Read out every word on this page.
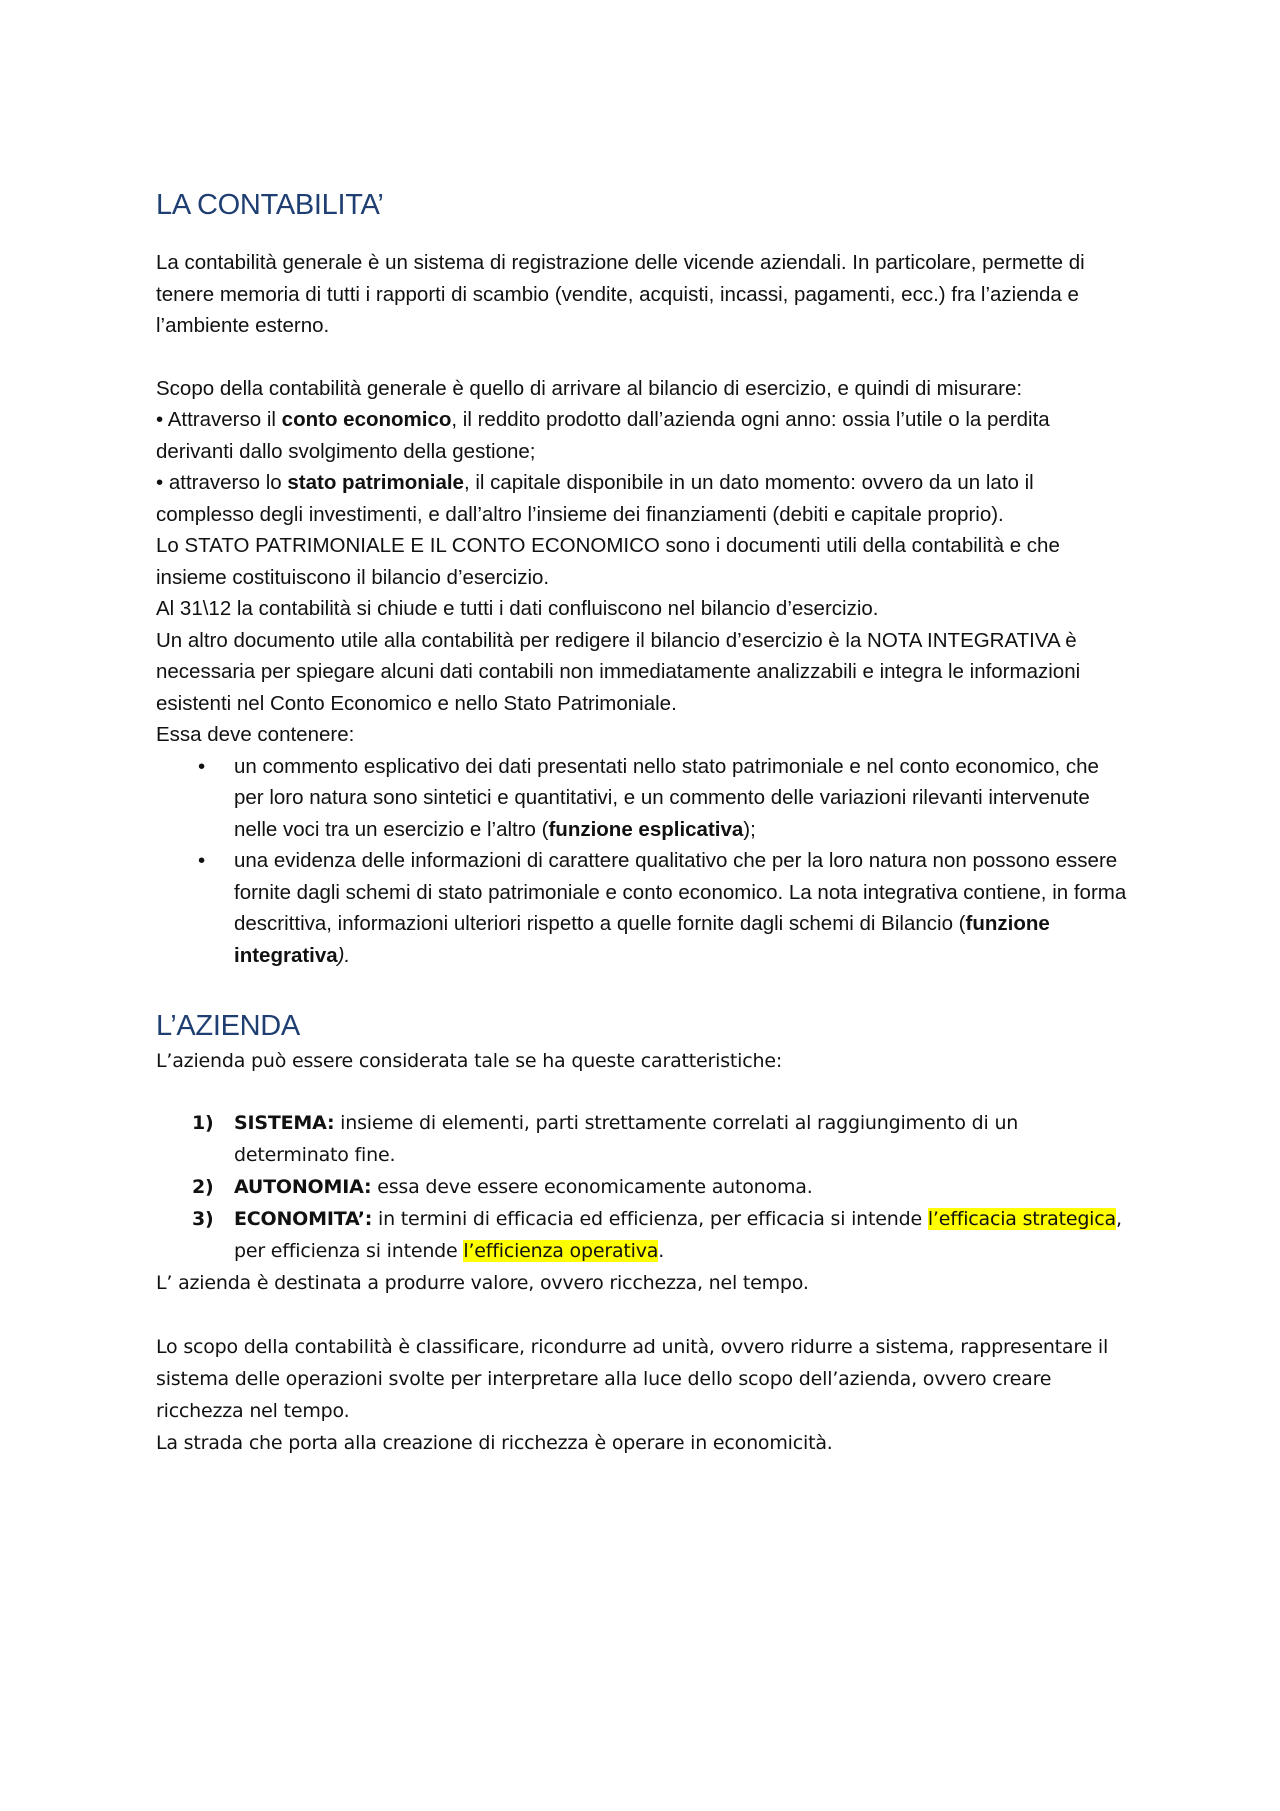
LA CONTABILITA’

La contabilità generale è un sistema di registrazione delle vicende aziendali. In particolare, permette di tenere memoria di tutti i rapporti di scambio (vendite, acquisti, incassi, pagamenti, ecc.) fra l’azienda e l’ambiente esterno.

Scopo della contabilità generale è quello di arrivare al bilancio di esercizio, e quindi di misurare:

• Attraverso il conto economico, il reddito prodotto dall’azienda ogni anno: ossia l’utile o la perdita derivanti dallo svolgimento della gestione;

• attraverso lo stato patrimoniale, il capitale disponibile in un dato momento: ovvero da un lato il complesso degli investimenti, e dall’altro l’insieme dei finanziamenti (debiti e capitale proprio).

Lo STATO PATRIMONIALE E IL CONTO ECONOMICO sono i documenti utili della contabilità e che insieme costituiscono il bilancio d’esercizio.

Al 31\12 la contabilità si chiude e tutti i dati confluiscono nel bilancio d’esercizio.

Un altro documento utile alla contabilità per redigere il bilancio d’esercizio è la NOTA INTEGRATIVA è necessaria per spiegare alcuni dati contabili non immediatamente analizzabili e integra le informazioni esistenti nel Conto Economico e nello Stato Patrimoniale.

Essa deve contenere:

• un commento esplicativo dei dati presentati nello stato patrimoniale e nel conto economico, che per loro natura sono sintetici e quantitativi, e un commento delle variazioni rilevanti intervenute nelle voci tra un esercizio e l’altro (funzione esplicativa);
• una evidenza delle informazioni di carattere qualitativo che per la loro natura non possono essere fornite dagli schemi di stato patrimoniale e conto economico. La nota integrativa contiene, in forma descrittiva, informazioni ulteriori rispetto a quelle fornite dagli schemi di Bilancio (funzione integrativa).
L’AZIENDA

L’azienda può essere considerata tale se ha queste caratteristiche:

1) SISTEMA: insieme di elementi, parti strettamente correlati al raggiungimento di un determinato fine.
2) AUTONOMIA: essa deve essere economicamente autonoma.
3) ECONOMITA’: in termini di efficacia ed efficienza, per efficacia si intende l’efficacia strategica, per efficienza si intende l’efficienza operativa.

L’ azienda è destinata a produrre valore, ovvero ricchezza, nel tempo.

Lo scopo della contabilità è classificare, ricondurre ad unità, ovvero ridurre a sistema, rappresentare il sistema delle operazioni svolte per interpretare alla luce dello scopo dell’azienda, ovvero creare ricchezza nel tempo.

La strada che porta alla creazione di ricchezza è operare in economicità.
